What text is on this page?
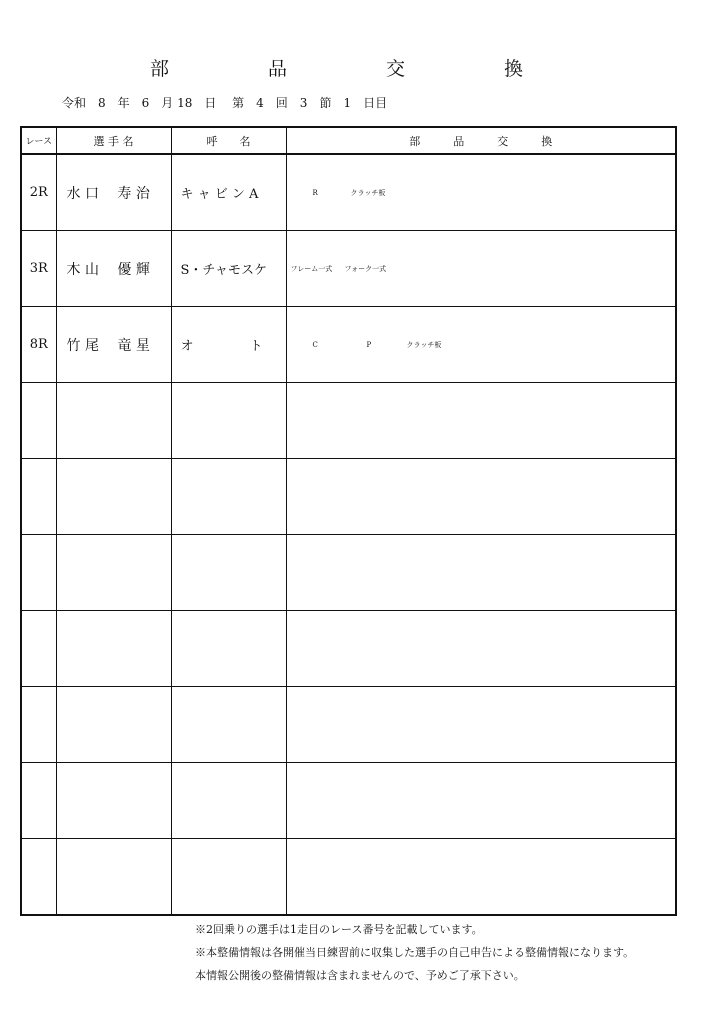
部　品　交　換
令和　8　年　6　月 18　日　 第　4　回　3　節　1　日目
レース	選 手 名	呼　　名	部　　　品　　　交　　　換
2R	水 口　 寿 治	キ ャ ビ ン A	R クラッチ板

3R	木 山　 優 輝	S・チャモスケ	フレーム一式 フォーク一式

8R	竹 尾　 竜 星	オ　　　　 ト	C P クラッチ板

※2回乗りの選手は1走目のレース番号を記載しています。
※本整備情報は各開催当日練習前に収集した選手の自己申告による整備情報になります。
本情報公開後の整備情報は含まれませんので、予めご了承下さい。
